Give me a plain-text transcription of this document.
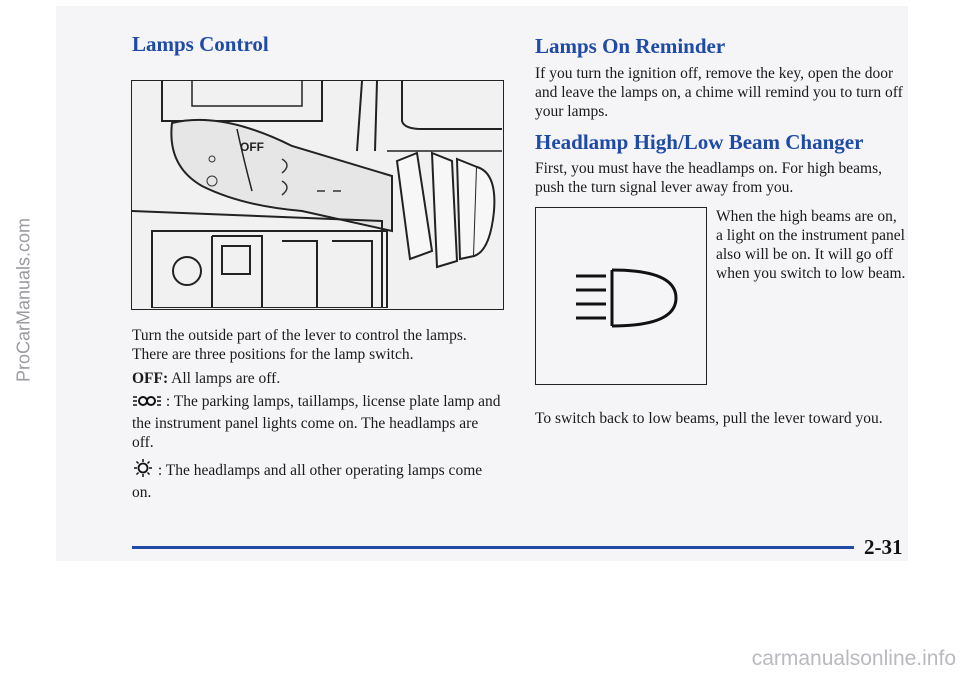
ProCarManuals.com
Lamps Control
OFF

Turn the outside part of the lever to control the lamps. There are three positions for the lamp switch.

OFF: All lamps are off.

: The parking lamps, taillamps, license plate lamp and the instrument panel lights come on. The headlamps are off.

: The headlamps and all other operating lamps come on.

Lamps On Reminder

If you turn the ignition off, remove the key, open the door and leave the lamps on, a chime will remind you to turn off your lamps.

Headlamp High/Low Beam Changer

First, you must have the headlamps on. For high beams, push the turn signal lever away from you.

When the high beams are on, a light on the instrument panel also will be on. It will go off when you switch to low beam.

To switch back to low beams, pull the lever toward you.

2-31
carmanualsonline.info
